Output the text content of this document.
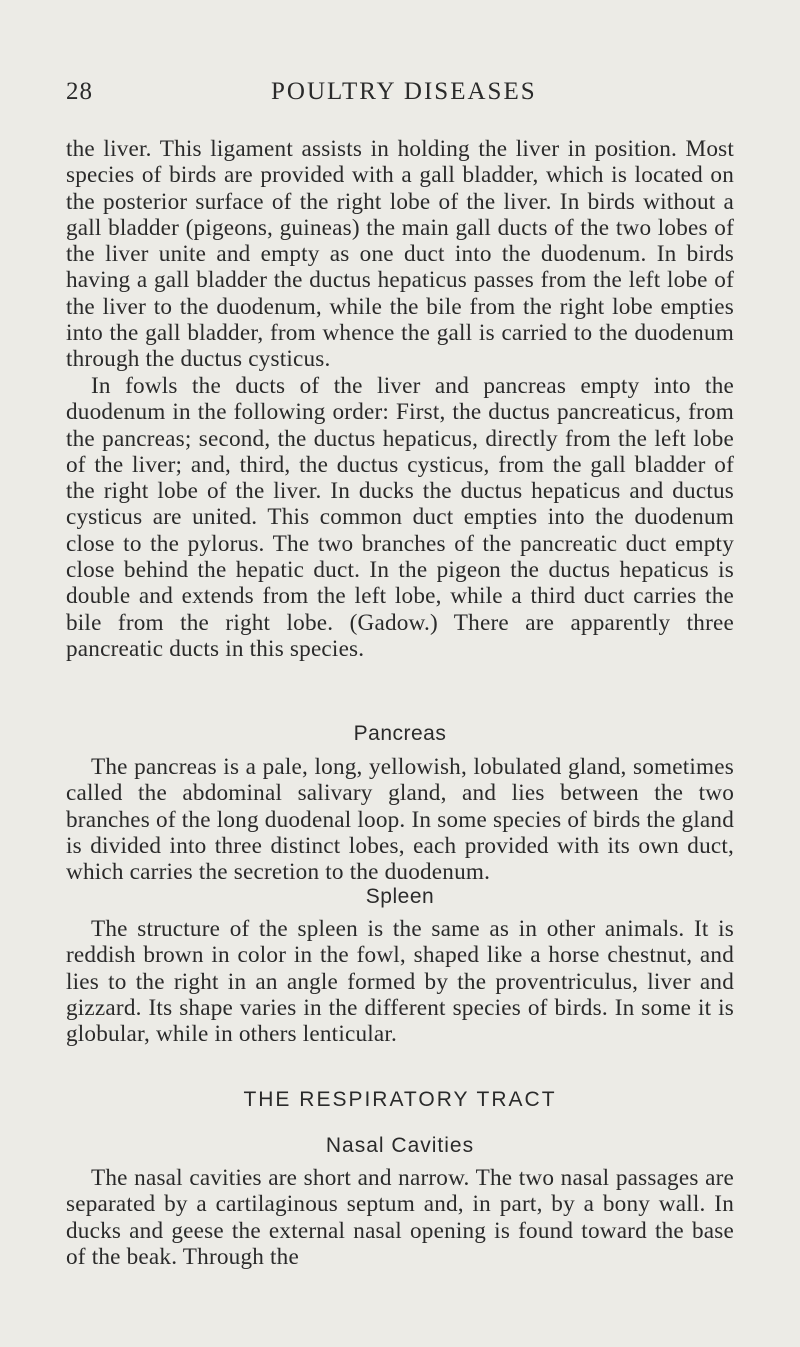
28	POULTRY DISEASES
the liver. This ligament assists in holding the liver in position. Most species of birds are provided with a gall bladder, which is located on the posterior surface of the right lobe of the liver. In birds without a gall bladder (pigeons, guineas) the main gall ducts of the two lobes of the liver unite and empty as one duct into the duodenum. In birds having a gall bladder the ductus hepaticus passes from the left lobe of the liver to the duodenum, while the bile from the right lobe empties into the gall bladder, from whence the gall is carried to the duodenum through the ductus cysticus.
In fowls the ducts of the liver and pancreas empty into the duodenum in the following order: First, the ductus pancreaticus, from the pancreas; second, the ductus hepaticus, directly from the left lobe of the liver; and, third, the ductus cysticus, from the gall bladder of the right lobe of the liver. In ducks the ductus hepaticus and ductus cysticus are united. This common duct empties into the duodenum close to the pylorus. The two branches of the pancreatic duct empty close behind the hepatic duct. In the pigeon the ductus hepaticus is double and extends from the left lobe, while a third duct carries the bile from the right lobe. (Gadow.) There are apparently three pancreatic ducts in this species.
Pancreas
The pancreas is a pale, long, yellowish, lobulated gland, sometimes called the abdominal salivary gland, and lies between the two branches of the long duodenal loop. In some species of birds the gland is divided into three distinct lobes, each provided with its own duct, which carries the secretion to the duodenum.
Spleen
The structure of the spleen is the same as in other animals. It is reddish brown in color in the fowl, shaped like a horse chestnut, and lies to the right in an angle formed by the proventriculus, liver and gizzard. Its shape varies in the different species of birds. In some it is globular, while in others lenticular.
THE RESPIRATORY TRACT
Nasal Cavities
The nasal cavities are short and narrow. The two nasal passages are separated by a cartilaginous septum and, in part, by a bony wall. In ducks and geese the external nasal opening is found toward the base of the beak. Through the
